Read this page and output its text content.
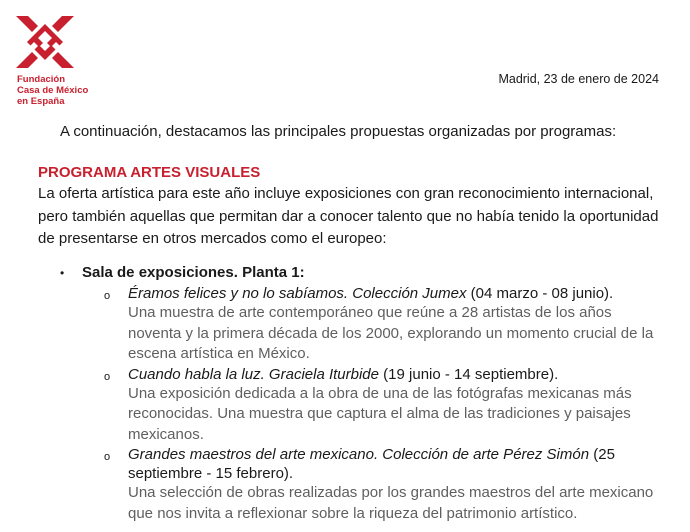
Fundación
Casa de México
en España
Madrid, 23 de enero de 2024

A continuación, destacamos las principales propuestas organizadas por programas:

PROGRAMA ARTES VISUALES

La oferta artística para este año incluye exposiciones con gran reconocimiento internacional, pero también aquellas que permitan dar a conocer talento que no había tenido la oportunidad de presentarse en otros mercados como el europeo:

•	Sala de exposiciones. Planta 1:
o	Éramos felices y no lo sabíamos. Colección Jumex (04 marzo - 08 junio).
Una muestra de arte contemporáneo que reúne a 28 artistas de los años noventa y la primera década de los 2000, explorando un momento crucial de la escena artística en México.
o	Cuando habla la luz. Graciela Iturbide (19 junio - 14 septiembre).
Una exposición dedicada a la obra de una de las fotógrafas mexicanas más reconocidas. Una muestra que captura el alma de las tradiciones y paisajes mexicanos.
o	Grandes maestros del arte mexicano. Colección de arte Pérez Simón (25 septiembre - 15 febrero).
Una selección de obras realizadas por los grandes maestros del arte mexicano que nos invita a reflexionar sobre la riqueza del patrimonio artístico.
